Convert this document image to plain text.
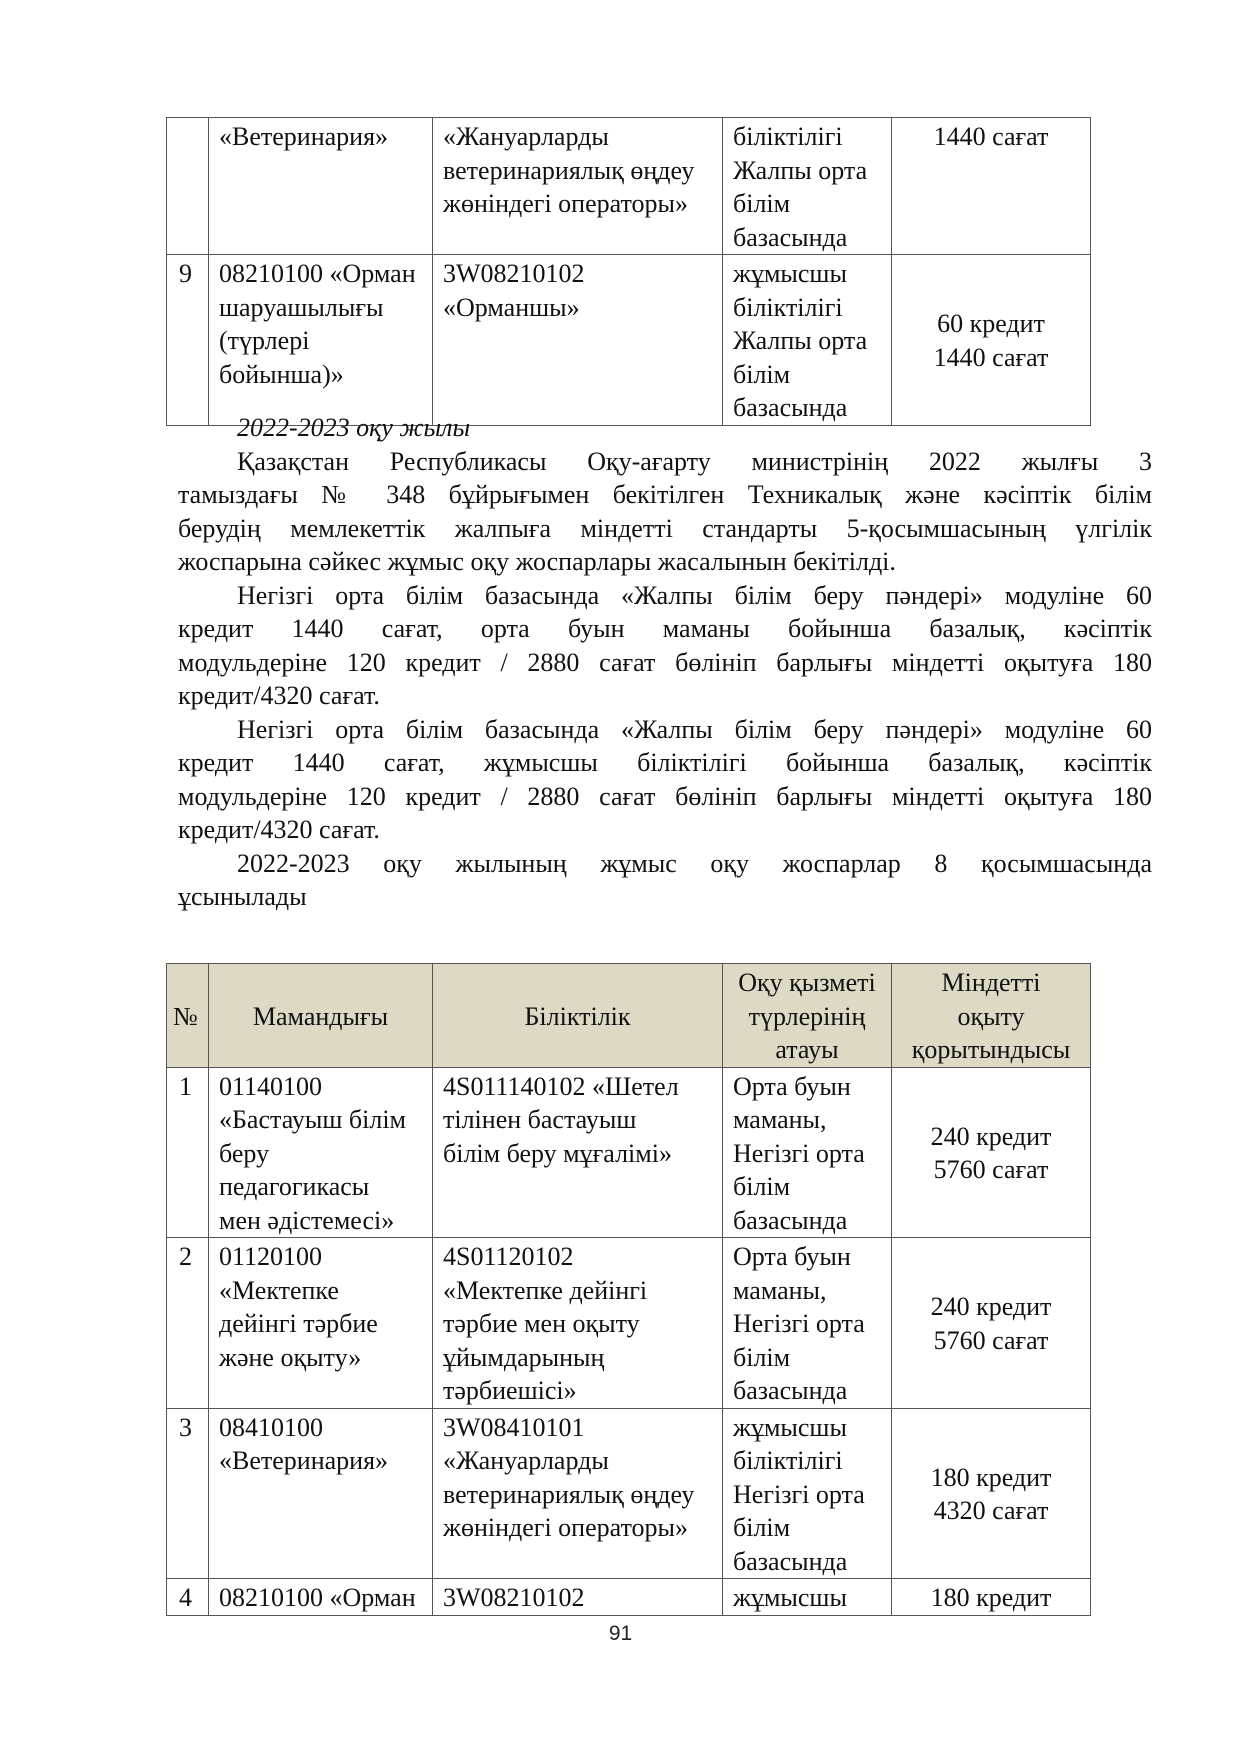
	«Ветеринария»	«Жануарларды
ветеринариялық өңдеу
жөніндегі операторы»	біліктілігі
Жалпы орта
білім
базасында	1440 сағат

9	08210100 «Орман
шаруашылығы
(түрлері
бойынша)»	3W08210102
«Орманшы»	жұмысшы
біліктілігі
Жалпы орта
білім
базасында	60 кредит
1440 сағат
2022-2023 оқу жылы
Қазақстан Республикасы Оқу-ағарту министрінің 2022 жылғы 3
тамыздағы № 348 бұйрығымен бекітілген Техникалық және кәсіптік білім
берудің мемлекеттік жалпыға міндетті стандарты 5-қосымшасының үлгілік
жоспарына сәйкес жұмыс оқу жоспарлары жасалынын бекітілді.
Негізгі орта білім базасында «Жалпы білім беру пәндері» модуліне 60
кредит 1440 сағат, орта буын маманы бойынша базалық, кәсіптік
модульдеріне 120 кредит / 2880 сағат бөлініп барлығы міндетті оқытуға 180
кредит/4320 сағат.
Негізгі орта білім базасында «Жалпы білім беру пәндері» модуліне 60
кредит 1440 сағат, жұмысшы біліктілігі бойынша базалық, кәсіптік
модульдеріне 120 кредит / 2880 сағат бөлініп барлығы міндетті оқытуға 180
кредит/4320 сағат.
2022-2023 оқу жылының жұмыс оқу жоспарлар 8 қосымшасында
ұсынылады
№	Мамандығы	Біліктілік	Оқу қызметі
түрлерінің
атауы	Міндетті
оқыту
қорытындысы

1	01140100
«Бастауыш білім
беру
педагогикасы
мен әдістемесі»	4S011140102 «Шетел
тілінен бастауыш
білім беру мұғалімі»	Орта буын
маманы,
Негізгі орта
білім
базасында	240 кредит
5760 сағат

2	01120100
«Мектепке
дейінгі тәрбие
және оқыту»	4S01120102
«Мектепке дейінгі
тәрбие мен оқыту
ұйымдарының
тәрбиешісі»	Орта буын
маманы,
Негізгі орта
білім
базасында	240 кредит
5760 сағат

3	08410100
«Ветеринария»	3W08410101
«Жануарларды
ветеринариялық өңдеу
жөніндегі операторы»	жұмысшы
біліктілігі
Негізгі орта
білім
базасында	180 кредит
4320 сағат

4	08210100 «Орман	3W08210102	жұмысшы	180 кредит
91
